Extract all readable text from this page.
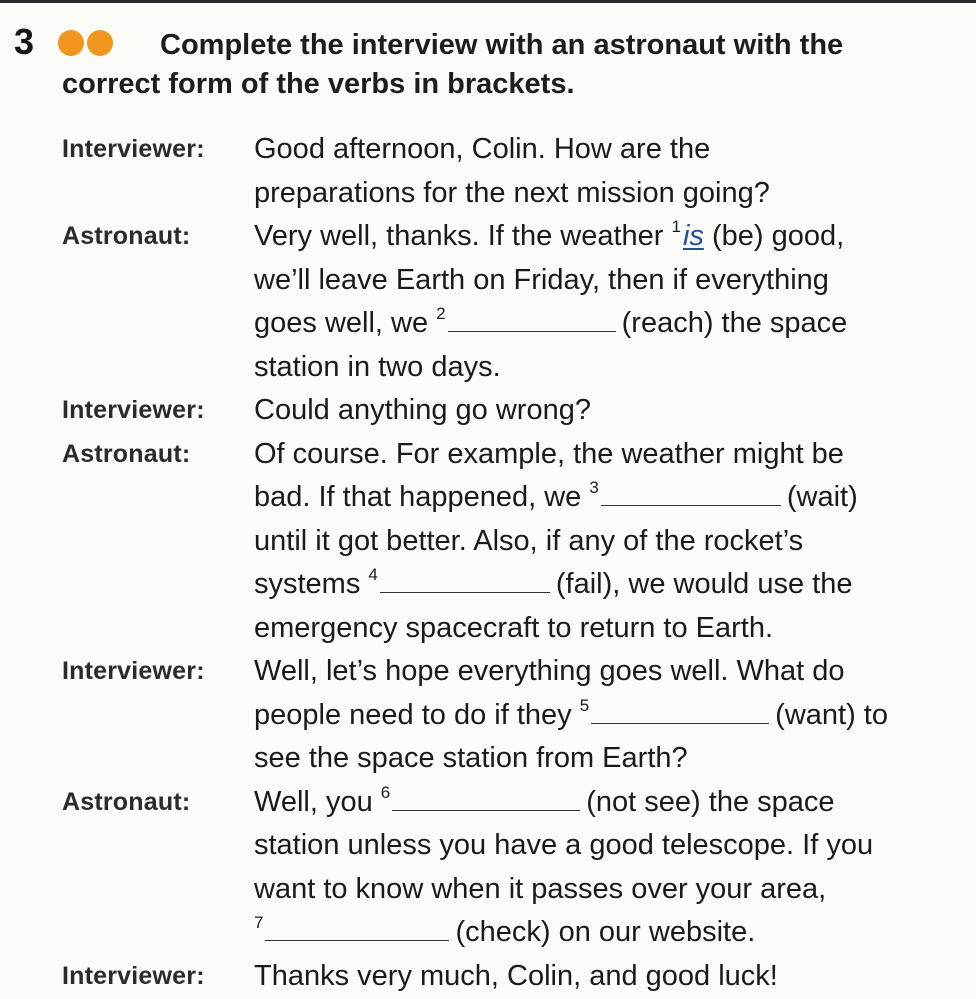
3	Complete the interview with an astronaut with the correct form of the verbs in brackets.
Interviewer:	Good afternoon, Colin. How are the
preparations for the next mission going?
Astronaut:	Very well, thanks. If the weather $^1$is (be) good,
we’ll leave Earth on Friday, then if everything
goes well, we $^2$	(reach) the space
station in two days.
Interviewer:	Could anything go wrong?
Astronaut:	Of course. For example, the weather might be
bad. If that happened, we $^3$	(wait)
until it got better. Also, if any of the rocket’s
systems $^4$	(fail), we would use the
emergency spacecraft to return to Earth.
Interviewer:	Well, let’s hope everything goes well. What do
people need to do if they $^5$	(want) to
see the space station from Earth?
Astronaut:	Well, you $^6$	(not see) the space
station unless you have a good telescope. If you
want to know when it passes over your area,
$^7$	(check) on our website.
Interviewer:	Thanks very much, Colin, and good luck!
